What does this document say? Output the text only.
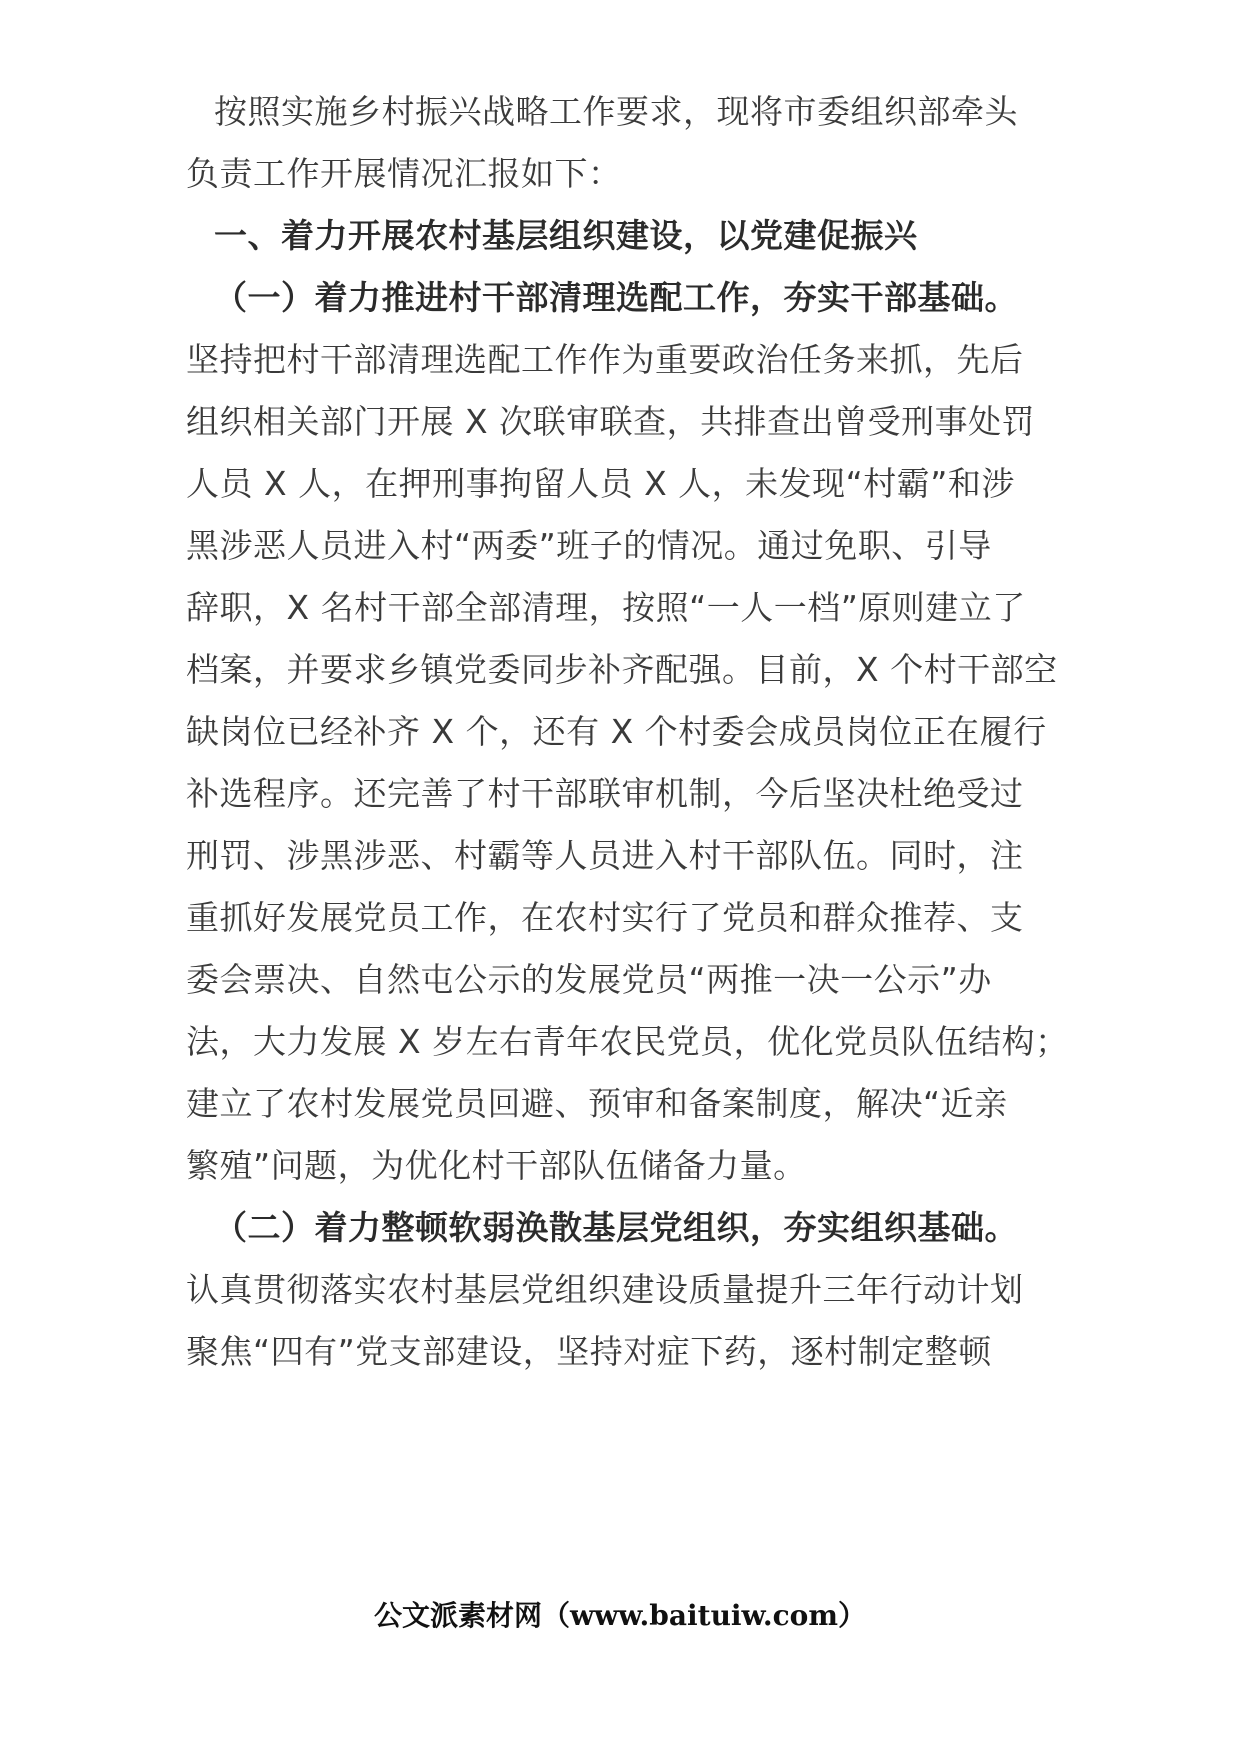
按照实施乡村振兴战略工作要求，现将市委组织部牵头
负责工作开展情况汇报如下：
一、着力开展农村基层组织建设，以党建促振兴
（一）着力推进村干部清理选配工作，夯实干部基础。
坚持把村干部清理选配工作作为重要政治任务来抓，先后
组织相关部门开展 X 次联审联查，共排查出曾受刑事处罚
人员 X 人，在押刑事拘留人员 X 人，未发现“村霸”和涉
黑涉恶人员进入村“两委”班子的情况。通过免职、引导
辞职，X 名村干部全部清理，按照“一人一档”原则建立了
档案，并要求乡镇党委同步补齐配强。目前，X 个村干部空
缺岗位已经补齐 X 个，还有 X 个村委会成员岗位正在履行
补选程序。还完善了村干部联审机制，今后坚决杜绝受过
刑罚、涉黑涉恶、村霸等人员进入村干部队伍。同时，注
重抓好发展党员工作，在农村实行了党员和群众推荐、支
委会票决、自然屯公示的发展党员“两推一决一公示”办
法，大力发展 X 岁左右青年农民党员，优化党员队伍结构；
建立了农村发展党员回避、预审和备案制度，解决“近亲
繁殖”问题，为优化村干部队伍储备力量。
（二）着力整顿软弱涣散基层党组织，夯实组织基础。
认真贯彻落实农村基层党组织建设质量提升三年行动计划
聚焦“四有”党支部建设，坚持对症下药，逐村制定整顿
公文派素材网（www.baituiw.com）
